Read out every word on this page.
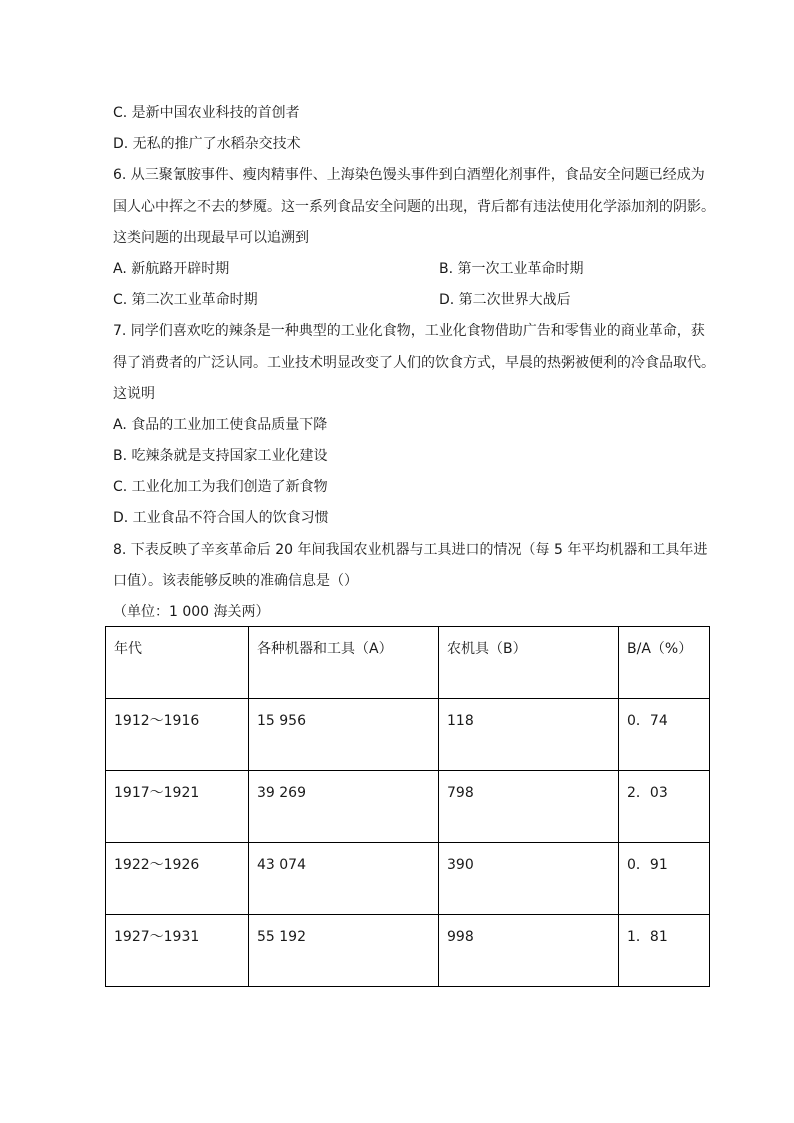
C. 是新中国农业科技的首创者
D. 无私的推广了水稻杂交技术
6. 从三聚氰胺事件、瘦肉精事件、上海染色馒头事件到白酒塑化剂事件，食品安全问题已经成为
国人心中挥之不去的梦魇。这一系列食品安全问题的出现，背后都有违法使用化学添加剂的阴影。
这类问题的出现最早可以追溯到
A. 新航路开辟时期	B. 第一次工业革命时期
C. 第二次工业革命时期	D. 第二次世界大战后
7. 同学们喜欢吃的辣条是一种典型的工业化食物，工业化食物借助广告和零售业的商业革命，获
得了消费者的广泛认同。工业技术明显改变了人们的饮食方式，早晨的热粥被便利的冷食品取代。
这说明
A. 食品的工业加工使食品质量下降
B. 吃辣条就是支持国家工业化建设
C. 工业化加工为我们创造了新食物
D. 工业食品不符合国人的饮食习惯
8. 下表反映了辛亥革命后 20 年间我国农业机器与工具进口的情况（每 5 年平均机器和工具年进
口值）。该表能够反映的准确信息是（）
（单位：1 000 海关两）
年代	各种机器和工具（A）	农机具（B）	B/A（%）
1912～1916	15 956	118	0．74
1917～1921	39 269	798	2．03
1922～1926	43 074	390	0．91
1927～1931	55 192	998	1．81
